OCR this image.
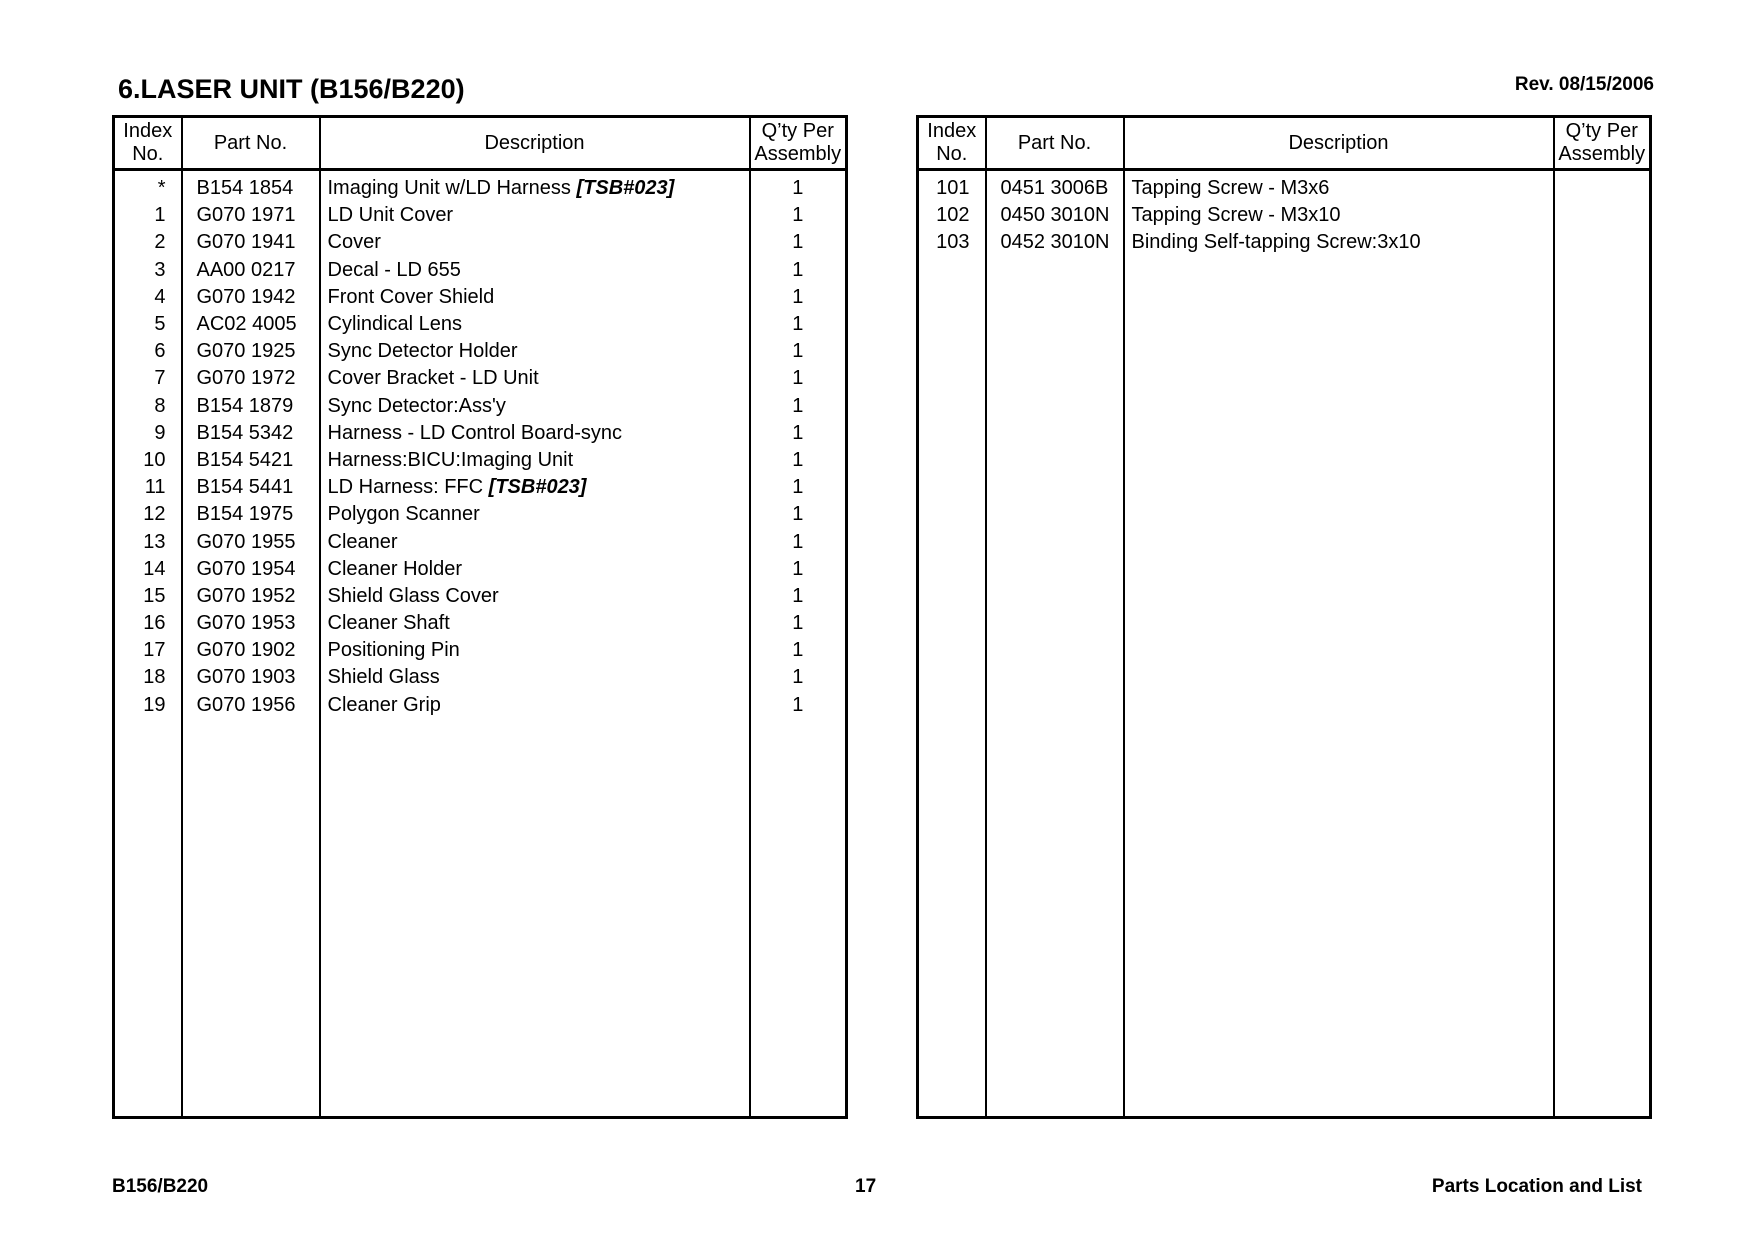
6.LASER UNIT (B156/B220)	Rev. 08/15/2006
Index
No.	Part No.	Description	Q’ty Per
Assembly
*	B154 1854	Imaging Unit w/LD Harness [TSB#023]	1
1	G070 1971	LD Unit Cover	1
2	G070 1941	Cover	1
3	AA00 0217	Decal - LD 655	1
4	G070 1942	Front Cover Shield	1
5	AC02 4005	Cylindical Lens	1
6	G070 1925	Sync Detector Holder	1
7	G070 1972	Cover Bracket - LD Unit	1
8	B154 1879	Sync Detector:Ass'y	1
9	B154 5342	Harness - LD Control Board-sync	1
10	B154 5421	Harness:BICU:Imaging Unit	1
11	B154 5441	LD Harness: FFC [TSB#023]	1
12	B154 1975	Polygon Scanner	1
13	G070 1955	Cleaner	1
14	G070 1954	Cleaner Holder	1
15	G070 1952	Shield Glass Cover	1
16	G070 1953	Cleaner Shaft	1
17	G070 1902	Positioning Pin	1
18	G070 1903	Shield Glass	1
19	G070 1956	Cleaner Grip	1

Index
No.	Part No.	Description	Q’ty Per
Assembly
101	0451 3006B	Tapping Screw - M3x6	
102	0450 3010N	Tapping Screw - M3x10	
103	0452 3010N	Binding Self-tapping Screw:3x10	

B156/B220	17	Parts Location and List
